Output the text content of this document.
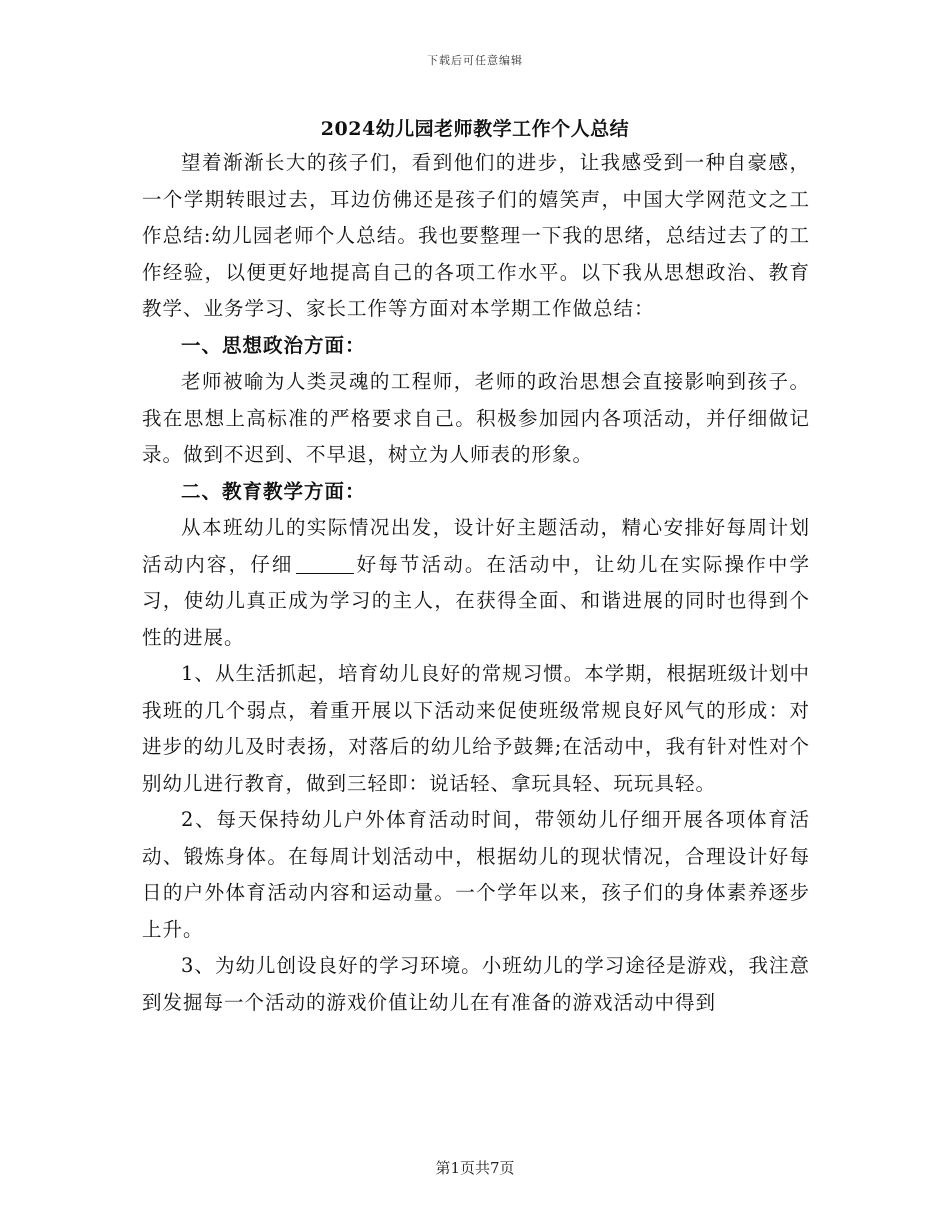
下载后可任意编辑
2024幼儿园老师教学工作个人总结

望着渐渐长大的孩子们，看到他们的进步，让我感受到一种自豪感，一个学期转眼过去，耳边仿佛还是孩子们的嬉笑声，中国大学网范文之工作总结:幼儿园老师个人总结。我也要整理一下我的思绪，总结过去了的工作经验，以便更好地提高自己的各项工作水平。以下我从思想政治、教育教学、业务学习、家长工作等方面对本学期工作做总结：

一、思想政治方面：

老师被喻为人类灵魂的工程师，老师的政治思想会直接影响到孩子。我在思想上高标准的严格要求自己。积极参加园内各项活动，并仔细做记录。做到不迟到、不早退，树立为人师表的形象。

二、教育教学方面：

从本班幼儿的实际情况出发，设计好主题活动，精心安排好每周计划活动内容，仔细	好每节活动。在活动中，让幼儿在实际操作中学习，使幼儿真正成为学习的主人，在获得全面、和谐进展的同时也得到个性的进展。

1、从生活抓起，培育幼儿良好的常规习惯。本学期，根据班级计划中我班的几个弱点，着重开展以下活动来促使班级常规良好风气的形成：对进步的幼儿及时表扬，对落后的幼儿给予鼓舞;在活动中，我有针对性对个别幼儿进行教育，做到三轻即：说话轻、拿玩具轻、玩玩具轻。

2、每天保持幼儿户外体育活动时间，带领幼儿仔细开展各项体育活动、锻炼身体。在每周计划活动中，根据幼儿的现状情况，合理设计好每日的户外体育活动内容和运动量。一个学年以来，孩子们的身体素养逐步上升。

3、为幼儿创设良好的学习环境。小班幼儿的学习途径是游戏，我注意到发掘每一个活动的游戏价值让幼儿在有准备的游戏活动中得到

第1页共7页
